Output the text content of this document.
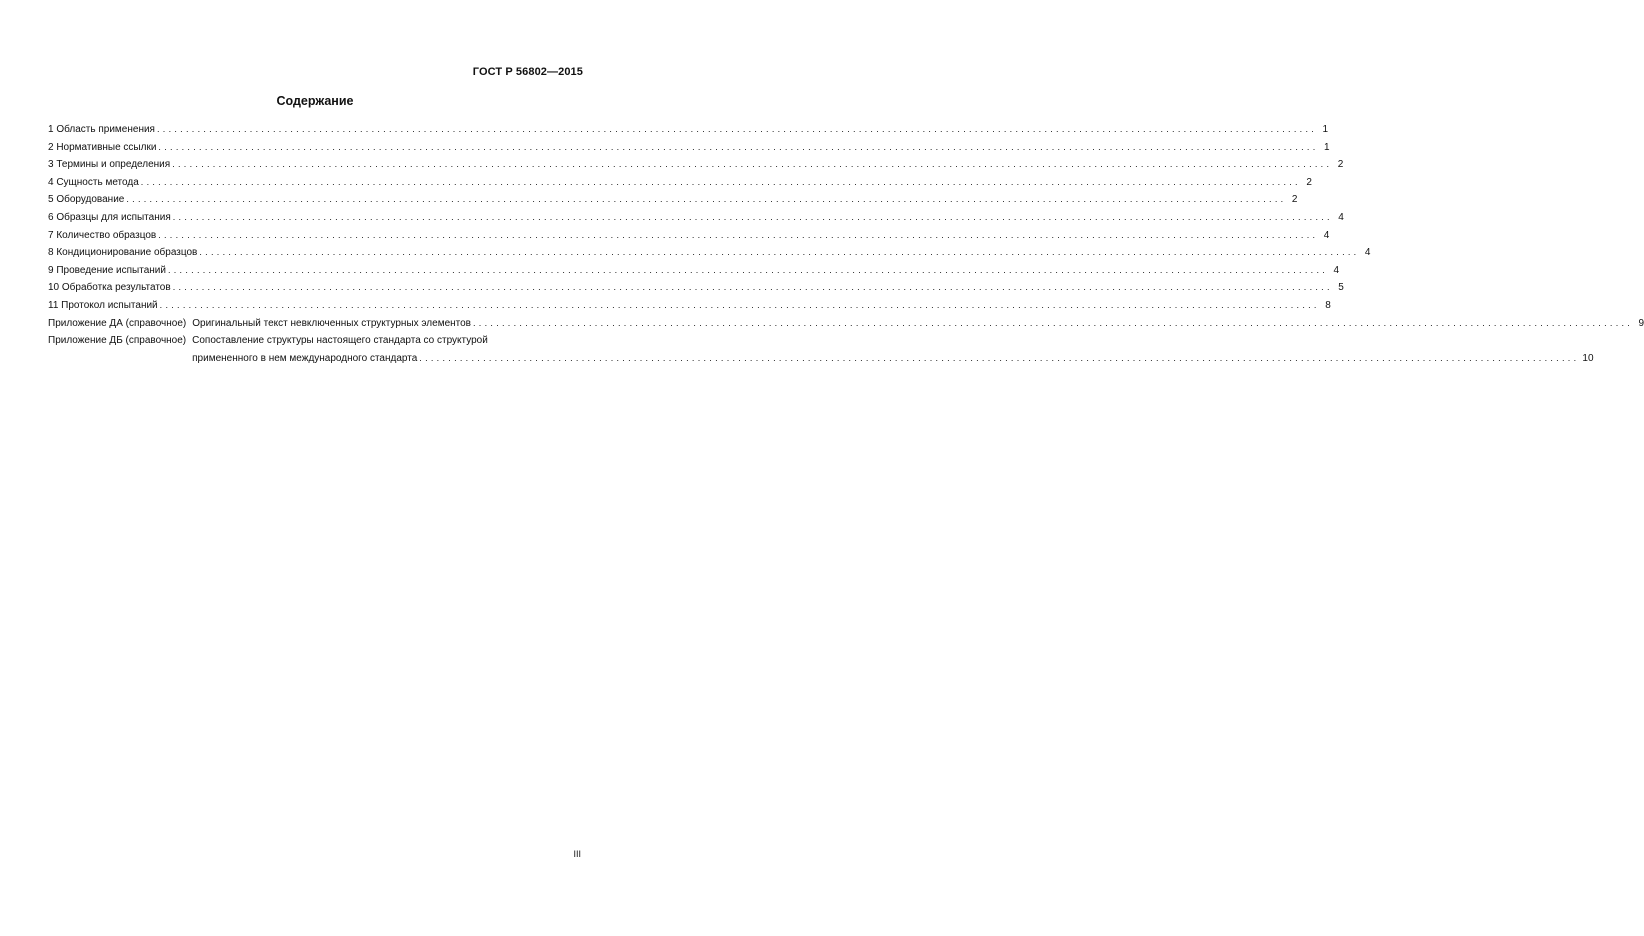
ГОСТ Р 56802—2015
Содержание
1 Область применения ........................................................................................................................................................................................................ 1
2 Нормативные ссылки ........................................................................................................................................................................................................ 1
3 Термины и определения ........................................................................................................................................................................................................ 2
4 Сущность метода ........................................................................................................................................................................................................ 2
5 Оборудование ........................................................................................................................................................................................................ 2
6 Образцы для испытания ........................................................................................................................................................................................................ 4
7 Количество образцов ........................................................................................................................................................................................................ 4
8 Кондиционирование образцов ........................................................................................................................................................................................................ 4
9 Проведение испытаний ........................................................................................................................................................................................................ 4
10 Обработка результатов ........................................................................................................................................................................................................ 5
11 Протокол испытаний ........................................................................................................................................................................................................ 8
Приложение ДА (справочное) Оригинальный текст невключенных структурных элементов ........................................................................................................................................................................................................ 9
Приложение ДБ (справочное) Сопоставление структуры настоящего стандарта со структурой
примененного в нем международного стандарта ........................................................................................................................................................................................................ 10
III
